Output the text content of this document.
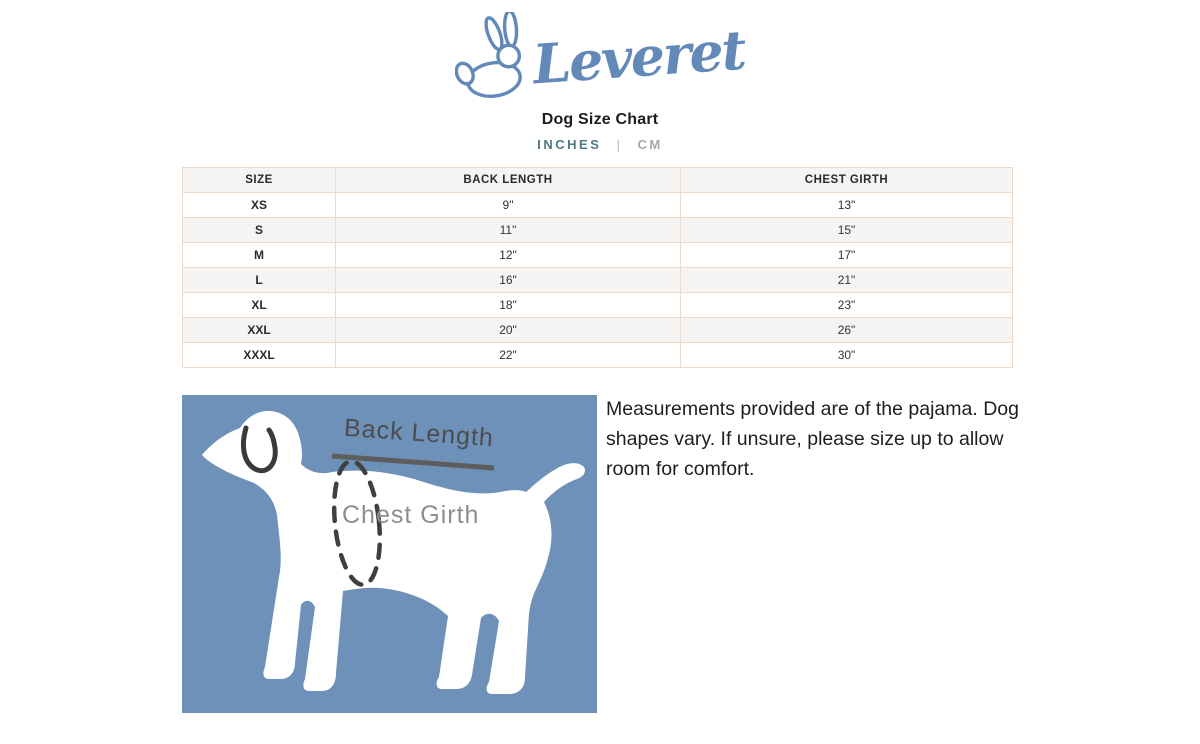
Leveret
Dog Size Chart
INCHES | CM
SIZE	BACK LENGTH	CHEST GIRTH
XS	9"	13"
S	11"	15"
M	12"	17"
L	16"	21"
XL	18"	23"
XXL	20"	26"
XXXL	22"	30"
Back Length
Chest Girth
Measurements provided are of the pajama. Dog shapes vary. If unsure, please size up to allow room for comfort.
